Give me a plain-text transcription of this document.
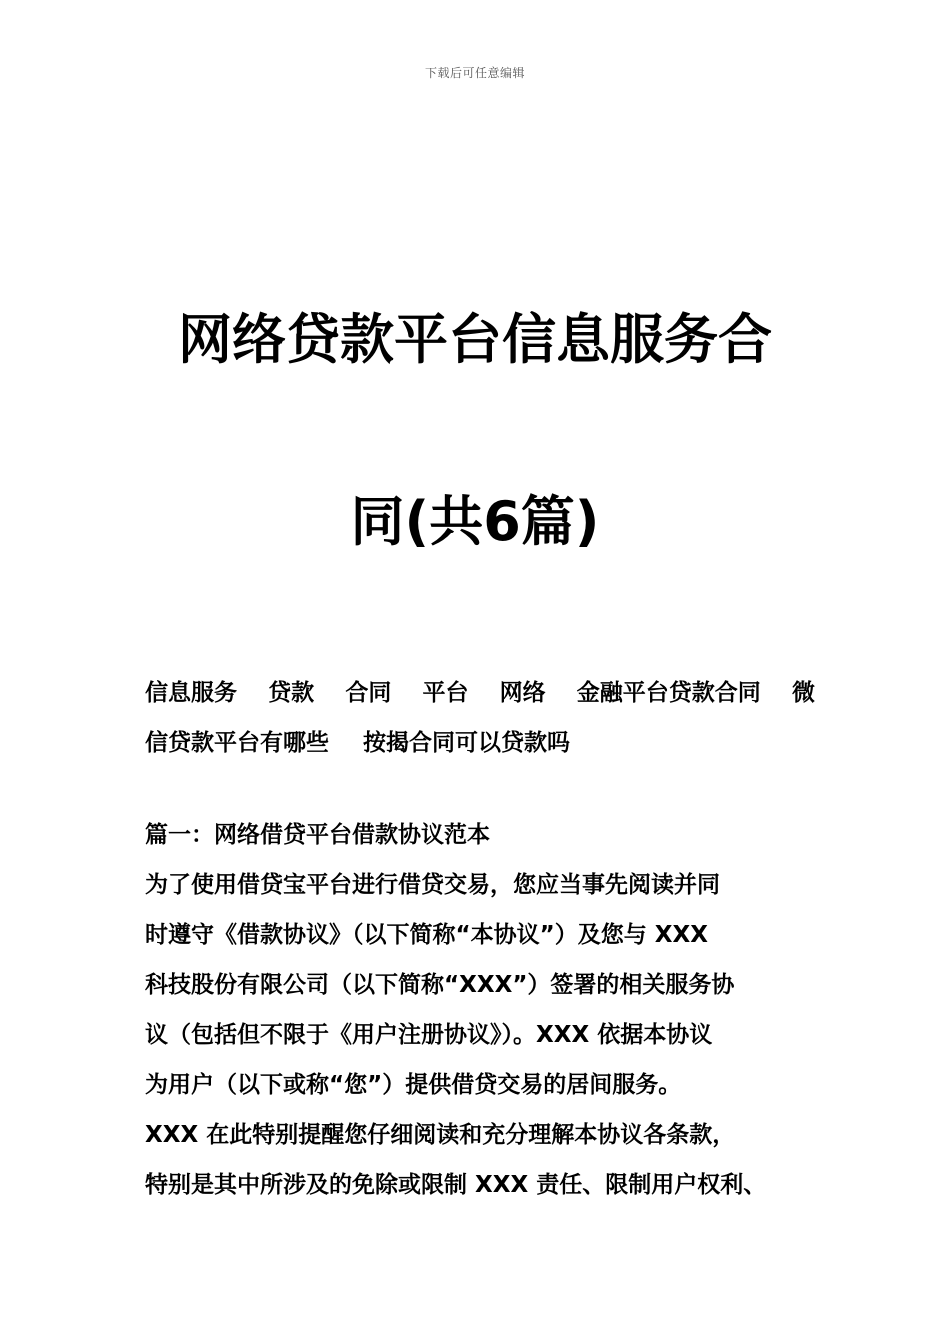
下载后可任意编辑
网络贷款平台信息服务合
同(共6篇)
信息服务 贷款 合同 平台 网络 金融平台贷款合同 微
信贷款平台有哪些 按揭合同可以贷款吗
篇一：网络借贷平台借款协议范本
为了使用借贷宝平台进行借贷交易，您应当事先阅读并同
时遵守《借款协议》（以下简称“本协议”）及您与 XXX
科技股份有限公司（以下简称“XXX”）签署的相关服务协
议（包括但不限于《用户注册协议》）。XXX 依据本协议
为用户（以下或称“您”）提供借贷交易的居间服务。
XXX 在此特别提醒您仔细阅读和充分理解本协议各条款，
特别是其中所涉及的免除或限制 XXX 责任、限制用户权利、
